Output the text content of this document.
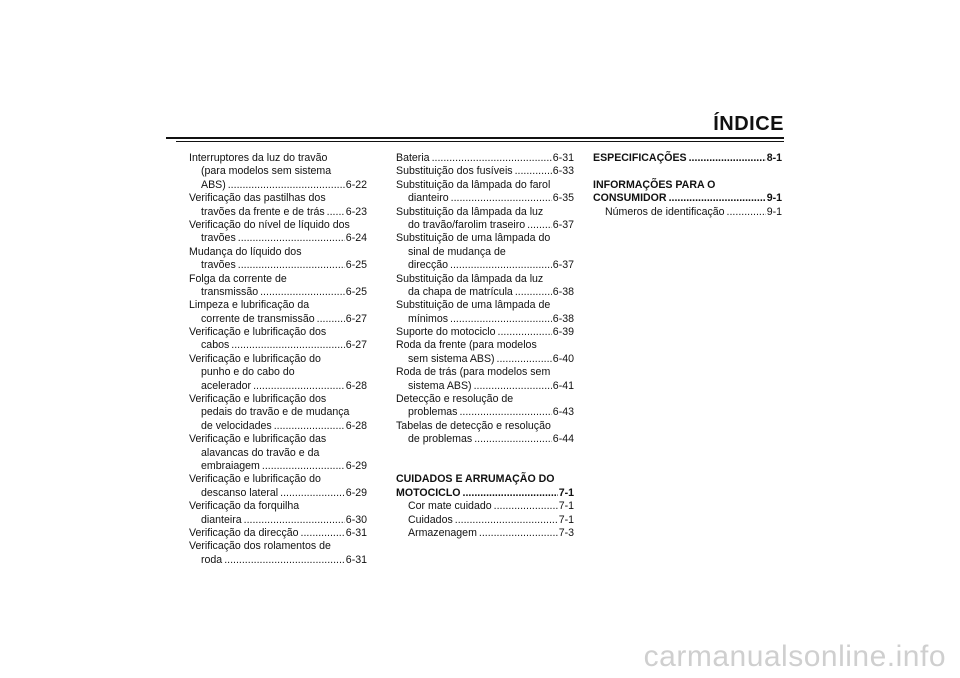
ÍNDICE
Interruptores da luz do travão
(para modelos sem sistema
ABS) .....	6-22
Verificação das pastilhas dos
travões da frente e de trás ..... 6-23
Verificação do nível de líquido dos
travões .....	6-24
Mudança do líquido dos
travões .....	6-25
Folga da corrente de
transmissão .....	6-25
Limpeza e lubrificação da
corrente de transmissão .....	6-27
Verificação e lubrificação dos
cabos .....	6-27
Verificação e lubrificação do
punho e do cabo do
acelerador .....	6-28
Verificação e lubrificação dos
pedais do travão e de mudança
de velocidades .....	6-28
Verificação e lubrificação das
alavancas do travão e da
embraiagem .....	6-29
Verificação e lubrificação do
descanso lateral .....	6-29
Verificação da forquilha
dianteira .....	6-30
Verificação da direcção .....	6-31
Verificação dos rolamentos de
roda .....	6-31
Bateria .....	6-31
Substituição dos fusíveis .....	6-33
Substituição da lâmpada do farol
dianteiro .....	6-35
Substituição da lâmpada da luz
do travão/farolim traseiro .....	6-37
Substituição de uma lâmpada do
sinal de mudança de
direcção .....	6-37
Substituição da lâmpada da luz
da chapa de matrícula .....	6-38
Substituição de uma lâmpada de
mínimos .....	6-38
Suporte do motociclo .....	6-39
Roda da frente (para modelos
sem sistema ABS) .....	6-40
Roda de trás (para modelos sem
sistema ABS) .....	6-41
Detecção e resolução de
problemas .....	6-43
Tabelas de detecção e resolução
de problemas .....	6-44
CUIDADOS E ARRUMAÇÃO DO
MOTOCICLO .....	7-1
Cor mate cuidado .....	7-1
Cuidados .....	7-1
Armazenagem .....	7-3
ESPECIFICAÇÕES .....	8-1
INFORMAÇÕES PARA O
CONSUMIDOR .....	9-1
Números de identificação .....	9-1
carmanualsonline.info
